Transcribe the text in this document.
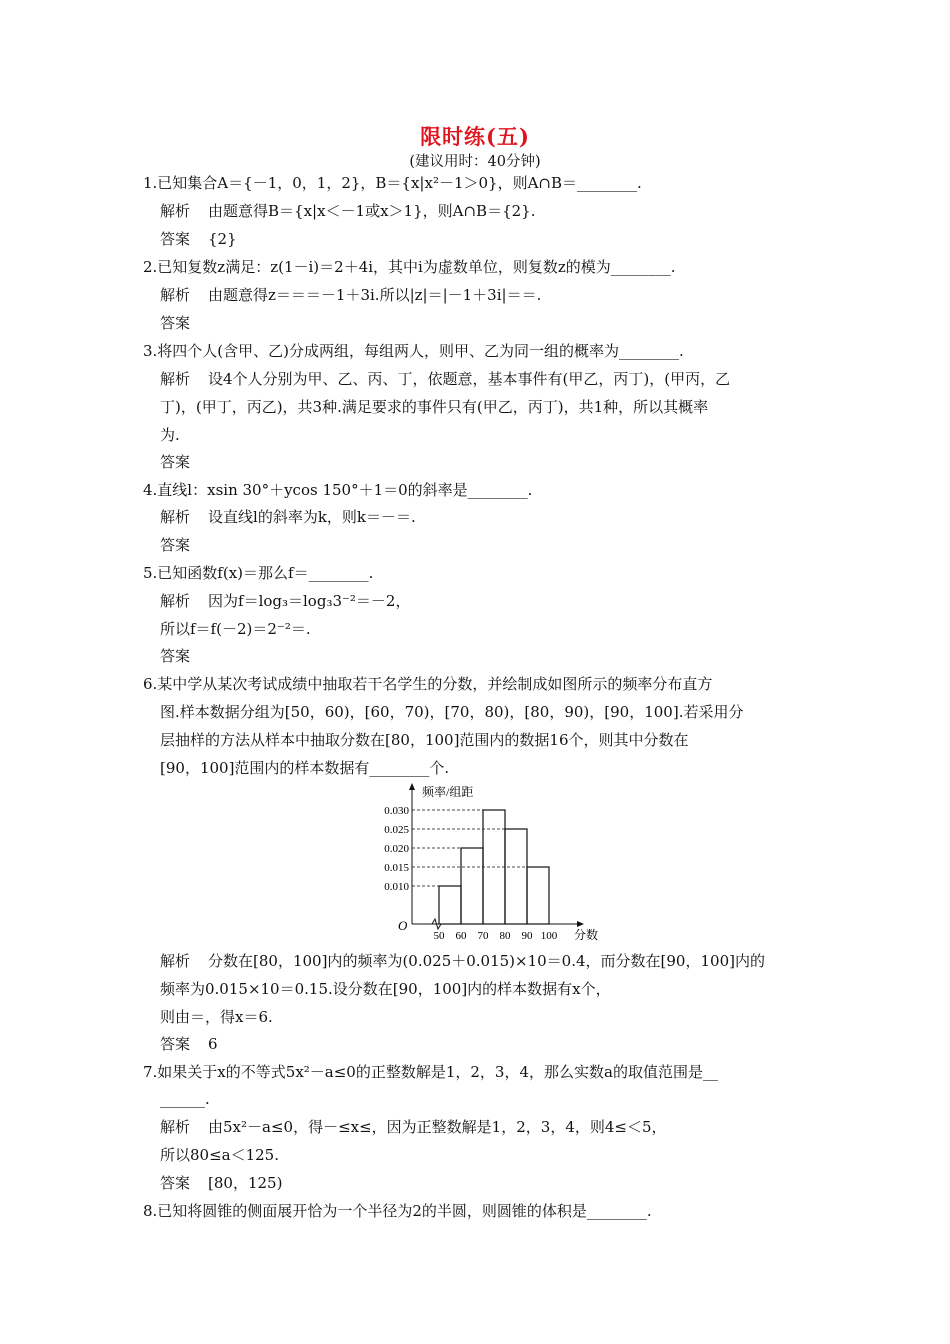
限时练(五)
(建议用时：40分钟)
1.已知集合A＝{－1，0，1，2}，B＝{x|x²－1＞0}，则A∩B＝________.
解析 由题意得B＝{x|x＜－1或x＞1}，则A∩B＝{2}.
答案 {2}
2.已知复数z满足：z(1－i)＝2＋4i，其中i为虚数单位，则复数z的模为________.
解析 由题意得z＝＝＝－1＋3i.所以|z|＝|－1＋3i|＝＝.
答案
3.将四个人(含甲、乙)分成两组，每组两人，则甲、乙为同一组的概率为________.
解析 设4个人分别为甲、乙、丙、丁，依题意，基本事件有(甲乙，丙丁)，(甲丙，乙
丁)，(甲丁，丙乙)，共3种.满足要求的事件只有(甲乙，丙丁)，共1种，所以其概率
为.
答案
4.直线l：xsin 30°＋ycos 150°＋1＝0的斜率是________.
解析 设直线l的斜率为k，则k＝－＝.
答案
5.已知函数f(x)＝那么f＝________.
解析 因为f＝log₃＝log₃3⁻²＝－2，
所以f＝f(－2)＝2⁻²＝.
答案
6.某中学从某次考试成绩中抽取若干名学生的分数，并绘制成如图所示的频率分布直方
图.样本数据分组为[50，60)，[60，70)，[70，80)，[80，90)，[90，100].若采用分
层抽样的方法从样本中抽取分数在[80，100]范围内的数据16个，则其中分数在
[90，100]范围内的样本数据有________个.
0.010
0.015
0.020
0.025
0.030
50 60 70 80 90 100
频率/组距
分数
O
解析 分数在[80，100]内的频率为(0.025＋0.015)×10＝0.4，而分数在[90，100]内的
频率为0.015×10＝0.15.设分数在[90，100]内的样本数据有x个，
则由＝，得x＝6.
答案 6
7.如果关于x的不等式5x²－a≤0的正整数解是1，2，3，4，那么实数a的取值范围是__
______.
解析 由5x²－a≤0，得－≤x≤，因为正整数解是1，2，3，4，则4≤＜5，
所以80≤a＜125.
答案 [80，125)
8.已知将圆锥的侧面展开恰为一个半径为2的半圆，则圆锥的体积是________.
